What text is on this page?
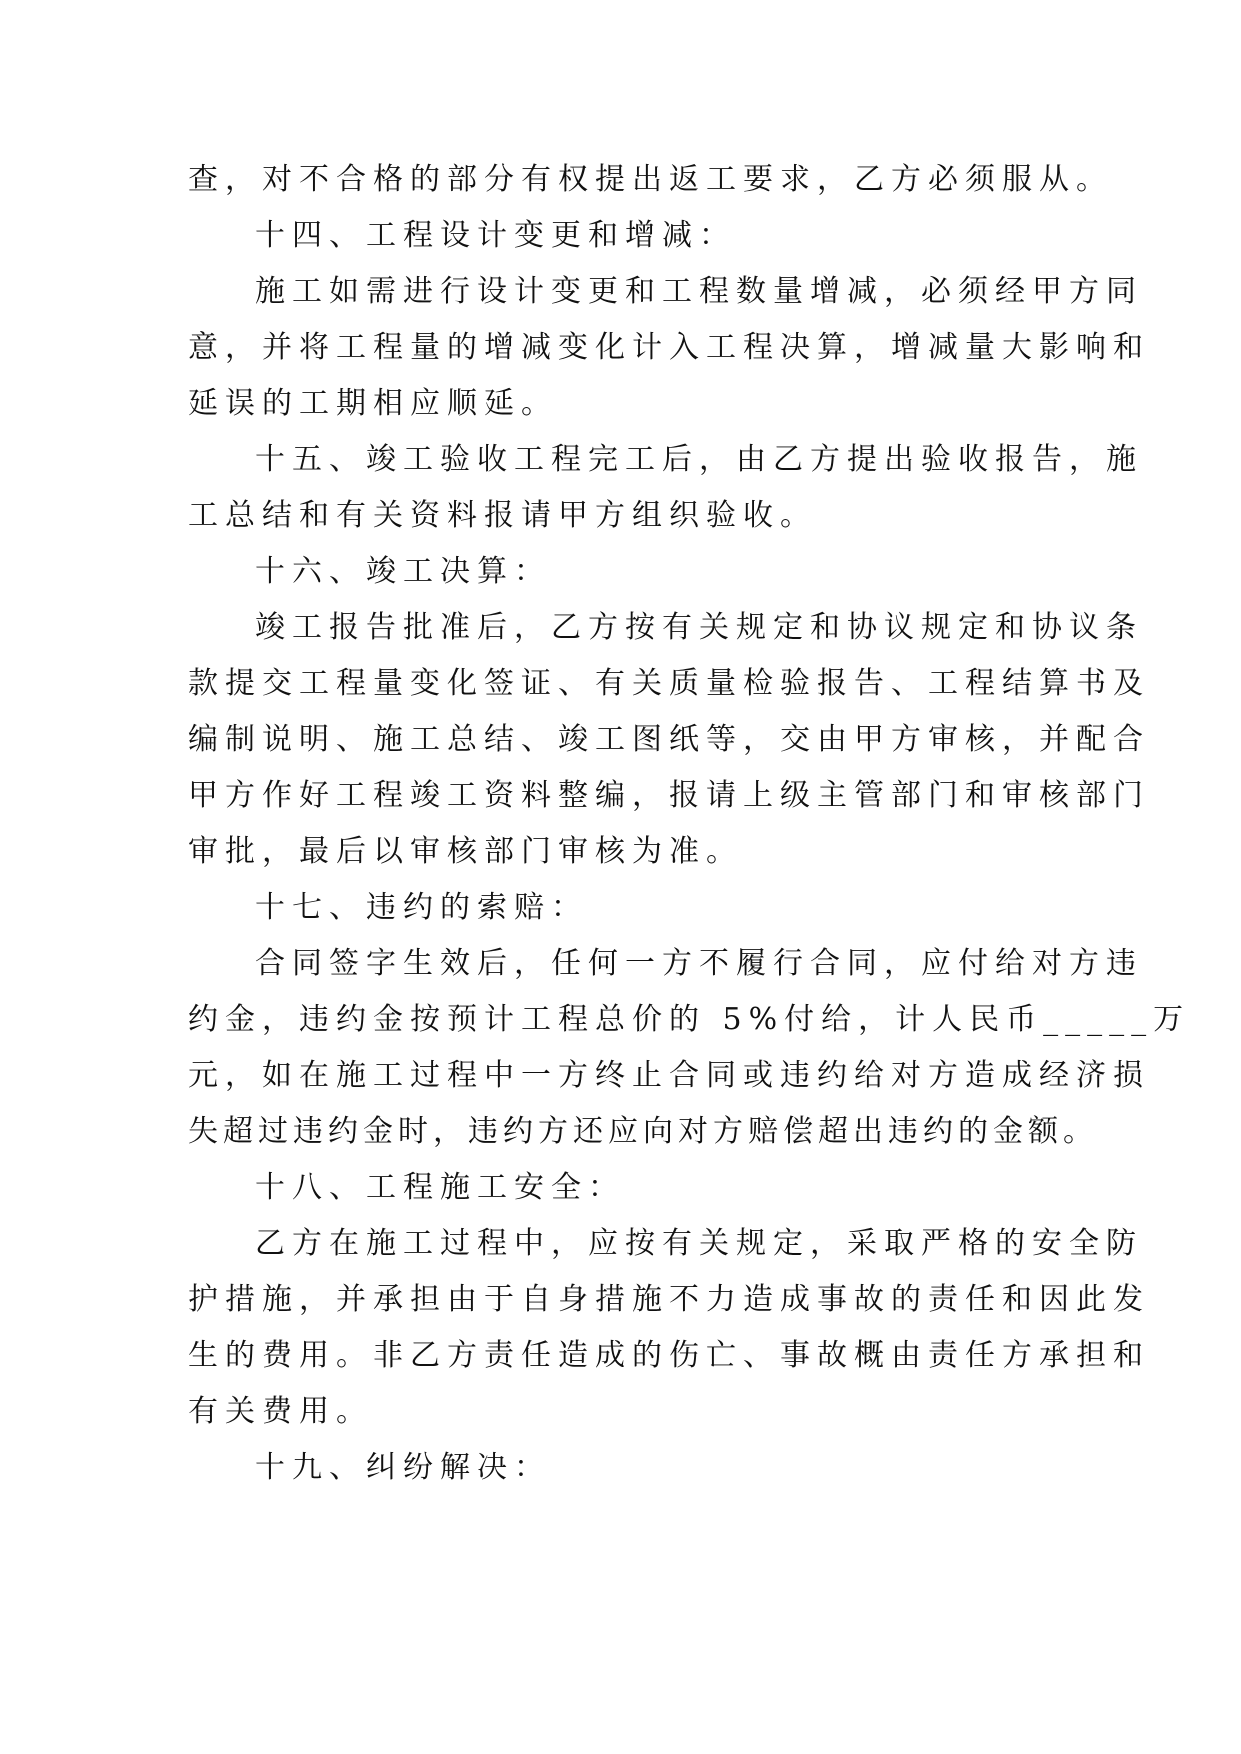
查，对不合格的部分有权提出返工要求，乙方必须服从。
十四、工程设计变更和增减：
施工如需进行设计变更和工程数量增减，必须经甲方同
意，并将工程量的增减变化计入工程决算，增减量大影响和
延误的工期相应顺延。
十五、竣工验收工程完工后，由乙方提出验收报告，施
工总结和有关资料报请甲方组织验收。
十六、竣工决算：
竣工报告批准后，乙方按有关规定和协议规定和协议条
款提交工程量变化签证、有关质量检验报告、工程结算书及
编制说明、施工总结、竣工图纸等，交由甲方审核，并配合
甲方作好工程竣工资料整编，报请上级主管部门和审核部门
审批，最后以审核部门审核为准。
十七、违约的索赔：
合同签字生效后，任何一方不履行合同，应付给对方违
约金，违约金按预计工程总价的 5%付给，计人民币_____万
元，如在施工过程中一方终止合同或违约给对方造成经济损
失超过违约金时，违约方还应向对方赔偿超出违约的金额。
十八、工程施工安全：
乙方在施工过程中，应按有关规定，采取严格的安全防
护措施，并承担由于自身措施不力造成事故的责任和因此发
生的费用。非乙方责任造成的伤亡、事故概由责任方承担和
有关费用。
十九、纠纷解决：
